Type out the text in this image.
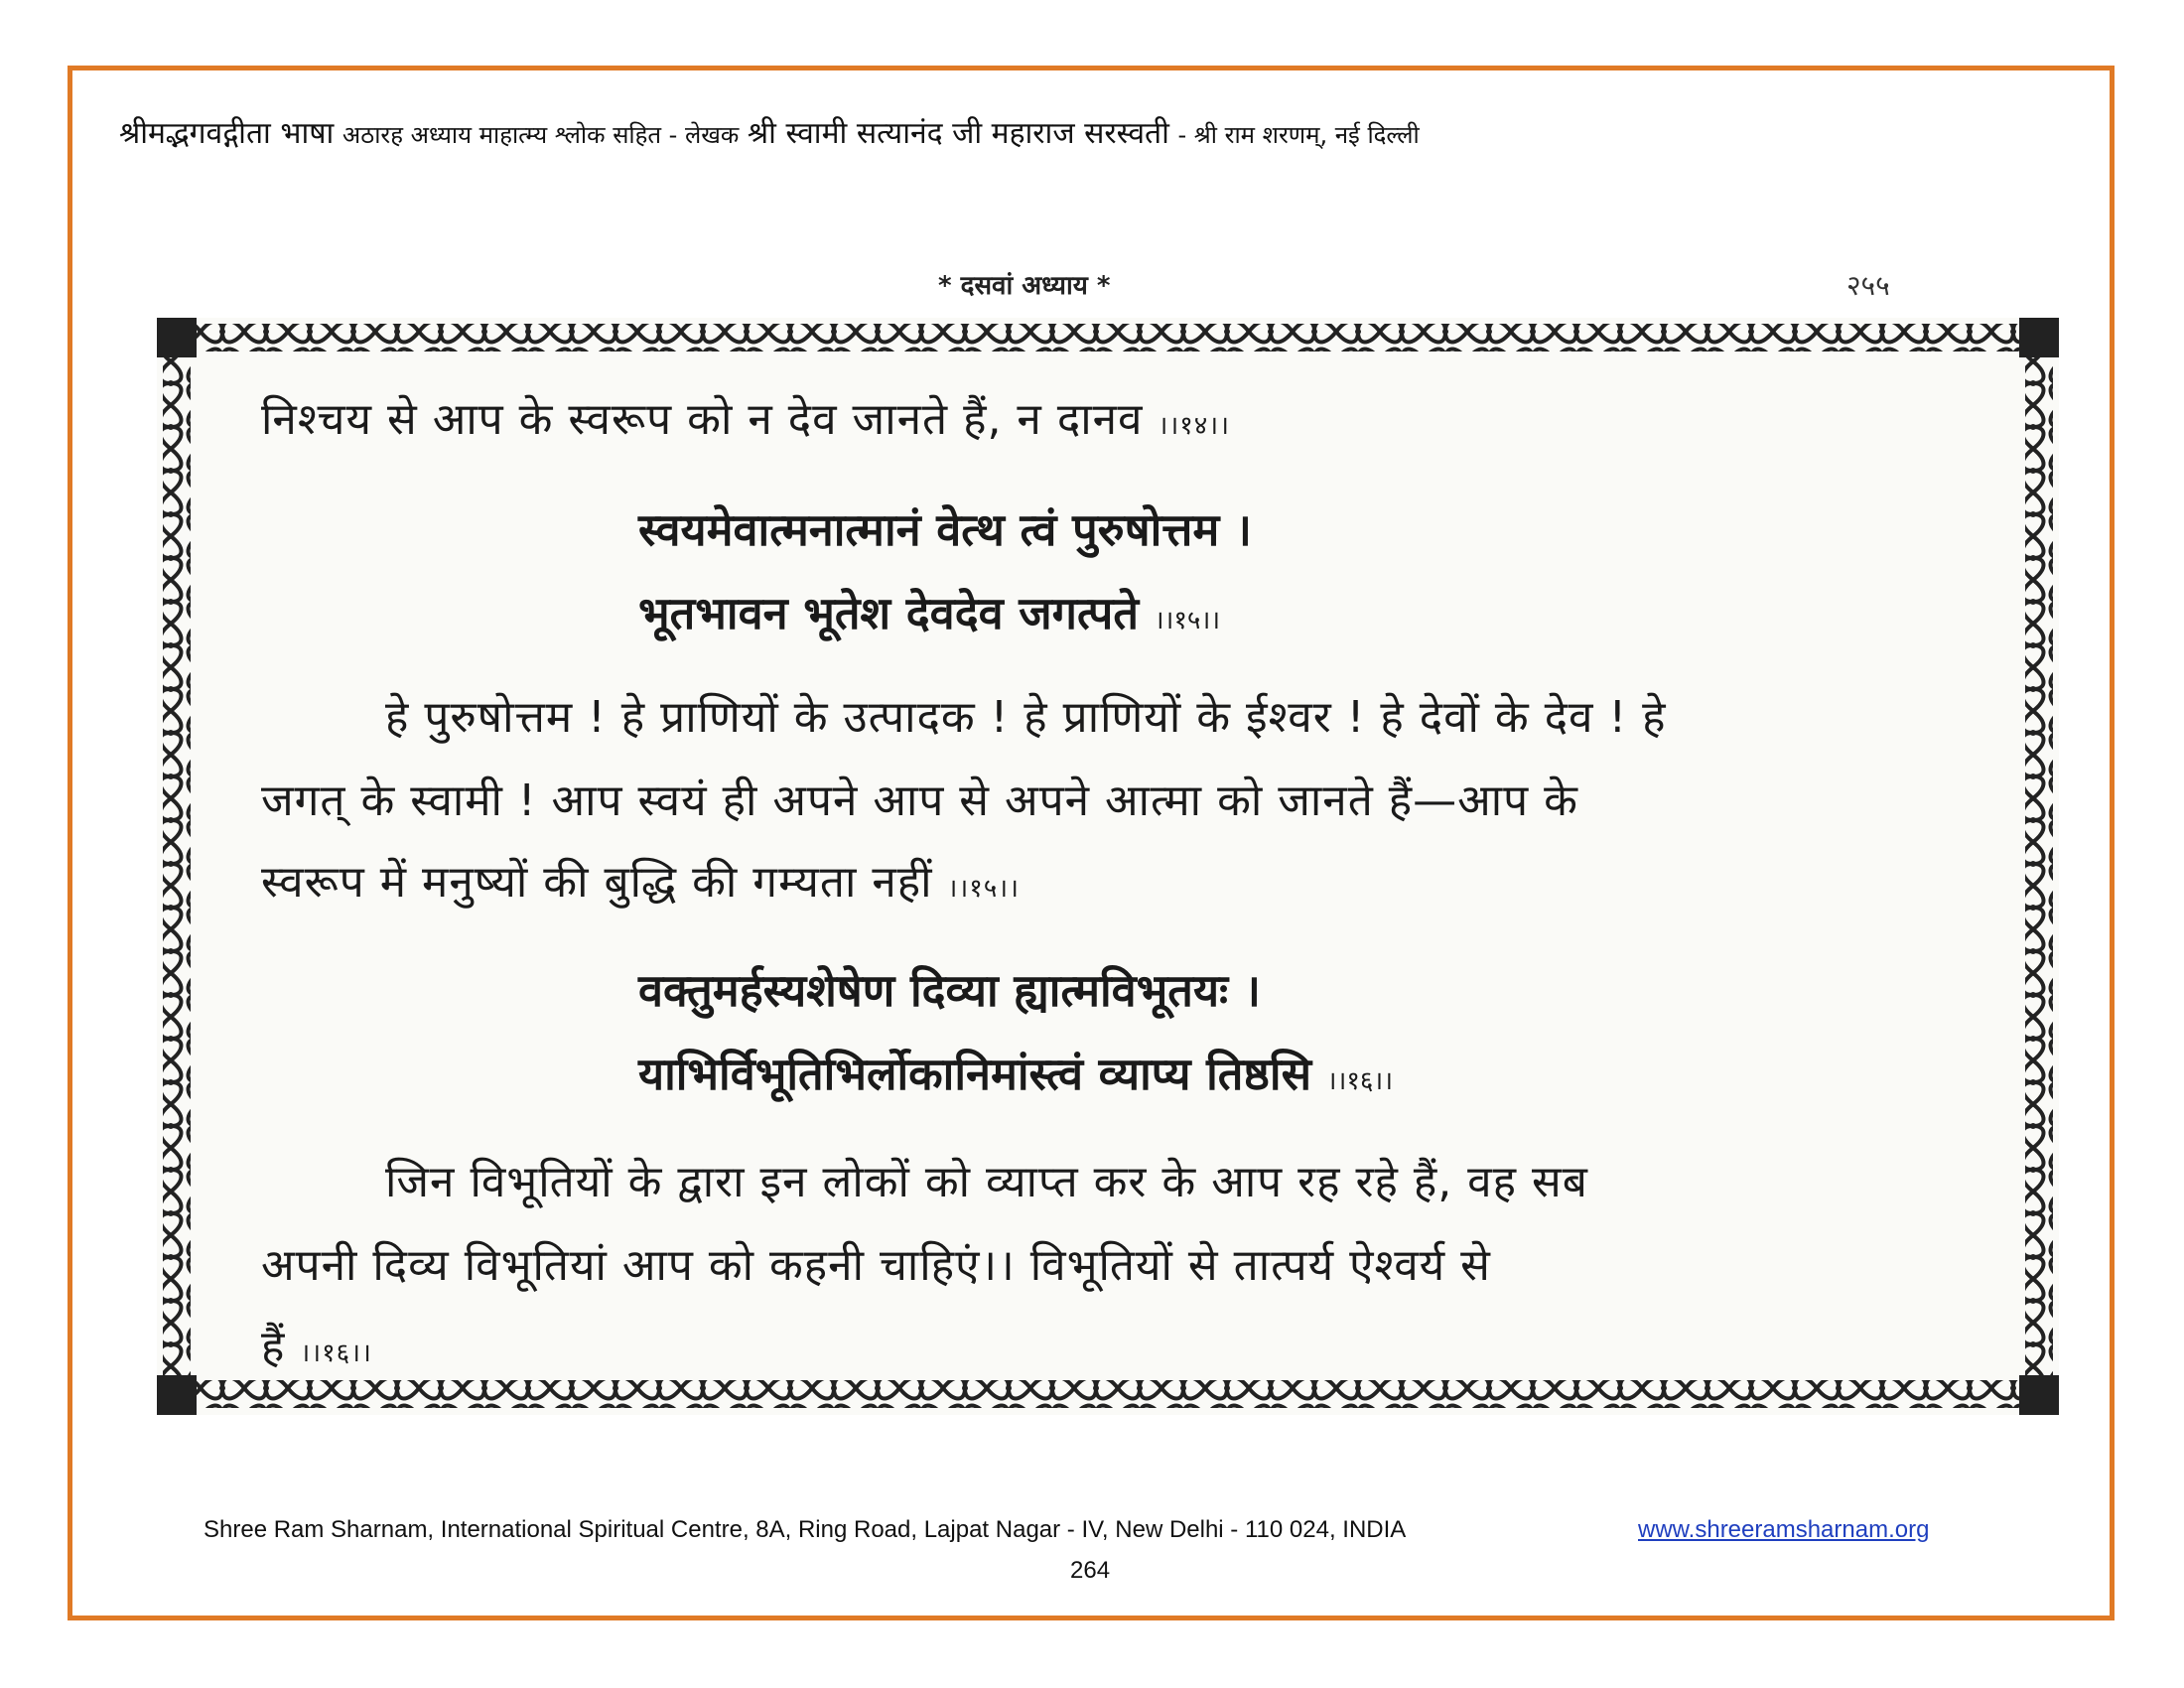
श्रीमद्भगवद्गीता भाषा अठारह अध्याय माहात्म्य श्लोक सहित - लेखक श्री स्वामी सत्यानंद जी महाराज सरस्वती - श्री राम शरणम्, नई दिल्ली
* दसवां अध्याय *	२५५
निश्चय से आप के स्वरूप को न देव जानते हैं, न दानव ।।१४।।
स्वयमेवात्मनात्मानं वेत्थ त्वं पुरुषोत्तम ।
भूतभावन भूतेश देवदेव जगत्पते ।।१५।।
हे पुरुषोत्तम ! हे प्राणियों के उत्पादक ! हे प्राणियों के ईश्वर ! हे देवों के देव ! हे
जगत् के स्वामी ! आप स्वयं ही अपने आप से अपने आत्मा को जानते हैं—आप के
स्वरूप में मनुष्यों की बुद्धि की गम्यता नहीं ।।१५।।
वक्तुमर्हस्यशेषेण दिव्या ह्यात्मविभूतयः ।
याभिर्विभूतिभिर्लोकानिमांस्त्वं व्याप्य तिष्ठसि ।।१६।।
जिन विभूतियों के द्वारा इन लोकों को व्याप्त कर के आप रह रहे हैं, वह सब
अपनी दिव्य विभूतियां आप को कहनी चाहिएं।। विभूतियों से तात्पर्य ऐश्वर्य से
हैं ।।१६।।
Shree Ram Sharnam, International Spiritual Centre, 8A, Ring Road, Lajpat Nagar - IV, New Delhi - 110 024, INDIA	www.shreeramsharnam.org
264
